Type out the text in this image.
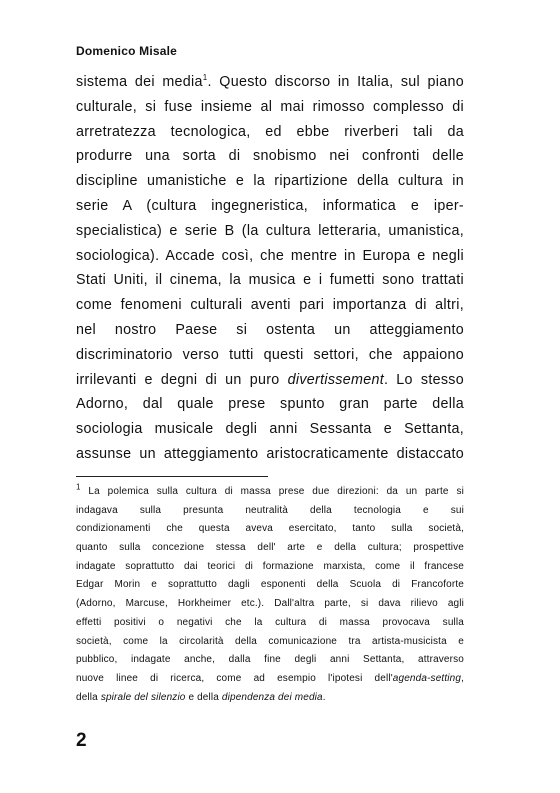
Domenico Misale
sistema dei media$^1$. Questo discorso in Italia, sul piano
culturale, si fuse insieme al mai rimosso complesso di
arretratezza tecnologica, ed ebbe riverberi tali da
produrre una sorta di snobismo nei confronti delle
discipline umanistiche e la ripartizione della cultura in
serie A (cultura ingegneristica, informatica e iper-
specialistica) e serie B (la cultura letteraria, umanistica,
sociologica). Accade così, che mentre in Europa e negli
Stati Uniti, il cinema, la musica e i fumetti sono trattati
come fenomeni culturali aventi pari importanza di altri,
nel nostro Paese si ostenta un atteggiamento
discriminatorio verso tutti questi settori, che appaiono
irrilevanti e degni di un puro divertissement. Lo stesso
Adorno, dal quale prese spunto gran parte della
sociologia musicale degli anni Sessanta e Settanta,
assunse un atteggiamento aristocraticamente distaccato
$^1$ La polemica sulla cultura di massa prese due direzioni: da un parte si
indagava sulla presunta neutralità della tecnologia e sui
condizionamenti che questa aveva esercitato, tanto sulla società,
quanto sulla concezione stessa dell' arte e della cultura; prospettive
indagate soprattutto dai teorici di formazione marxista, come il francese
Edgar Morin e soprattutto dagli esponenti della Scuola di Francoforte
(Adorno, Marcuse, Horkheimer etc.). Dall'altra parte, si dava rilievo agli
effetti positivi o negativi che la cultura di massa provocava sulla
società, come la circolarità della comunicazione tra artista-musicista e
pubblico, indagate anche, dalla fine degli anni Settanta, attraverso
nuove linee di ricerca, come ad esempio l'ipotesi dell'agenda-setting,
della spirale del silenzio e della dipendenza dei media.
2
